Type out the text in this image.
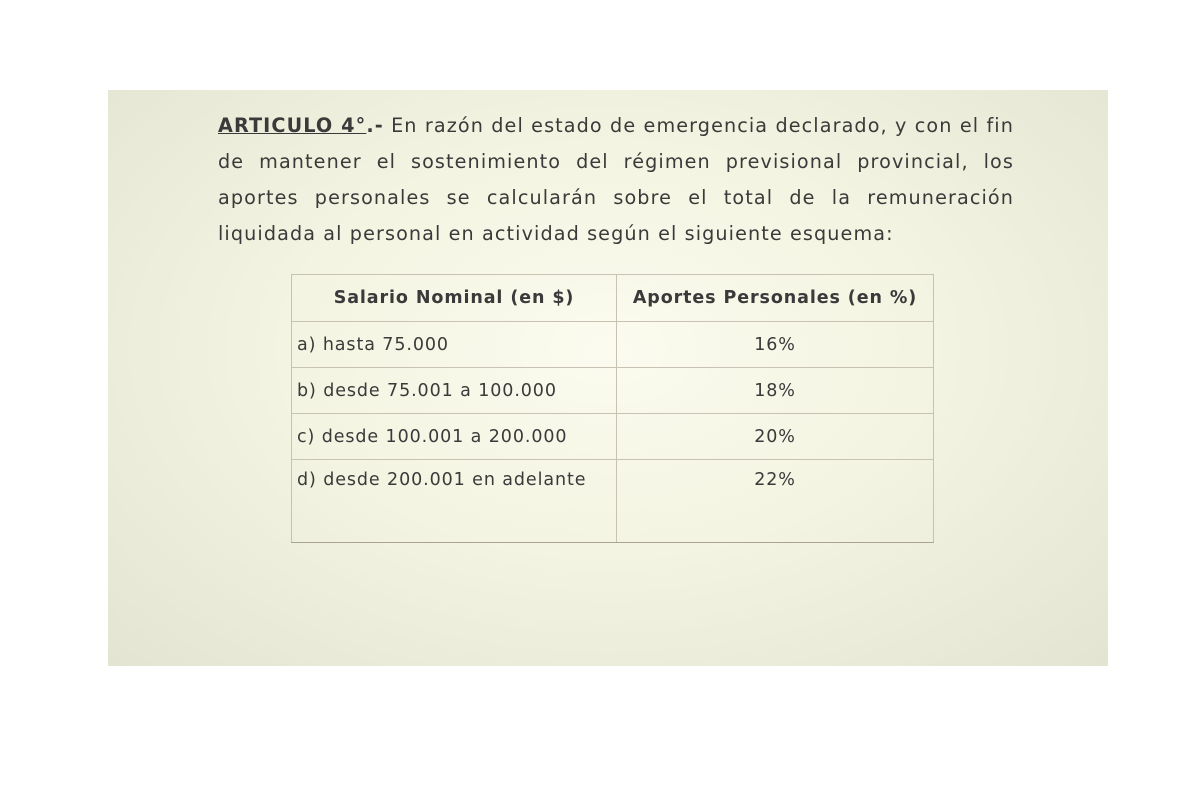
ARTICULO 4°.- En razón del estado de emergencia declarado, y con el fin de mantener el sostenimiento del régimen previsional provincial, los aportes personales se calcularán sobre el total de la remuneración liquidada al personal en actividad según el siguiente esquema:

Salario Nominal (en $)	Aportes Personales (en %)
a) hasta 75.000	16%
b) desde 75.001 a 100.000	18%
c) desde 100.001 a 200.000	20%
d) desde 200.001 en adelante	22%
